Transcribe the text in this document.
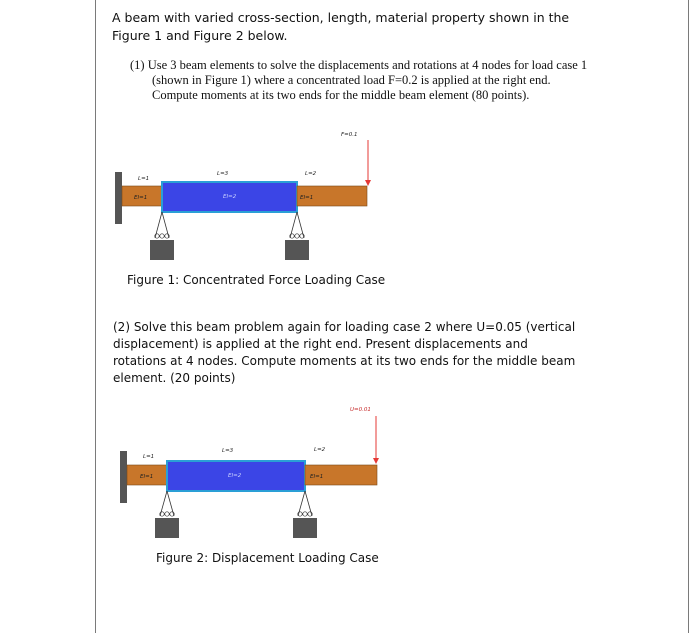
A beam with varied cross-section, length, material property shown in the Figure 1 and Figure 2 below.

(1) Use 3 beam elements to solve the displacements and rotations at 4 nodes for load case 1 (shown in Figure 1) where a concentrated load F=0.2 is applied at the right end. Compute moments at its two ends for the middle beam element (80 points).
EI=1	EI=2	EI=1
L=1
L=3	L=2
F=0.1

Figure 1: Concentrated Force Loading Case

(2) Solve this beam problem again for loading case 2 where U=0.05 (vertical displacement) is applied at the right end. Present displacements and rotations at 4 nodes. Compute moments at its two ends for the middle beam element. (20 points)

EI=1	EI=2	EI=1
L=1
L=3	L=2
U=0.01

Figure 2: Displacement Loading Case
